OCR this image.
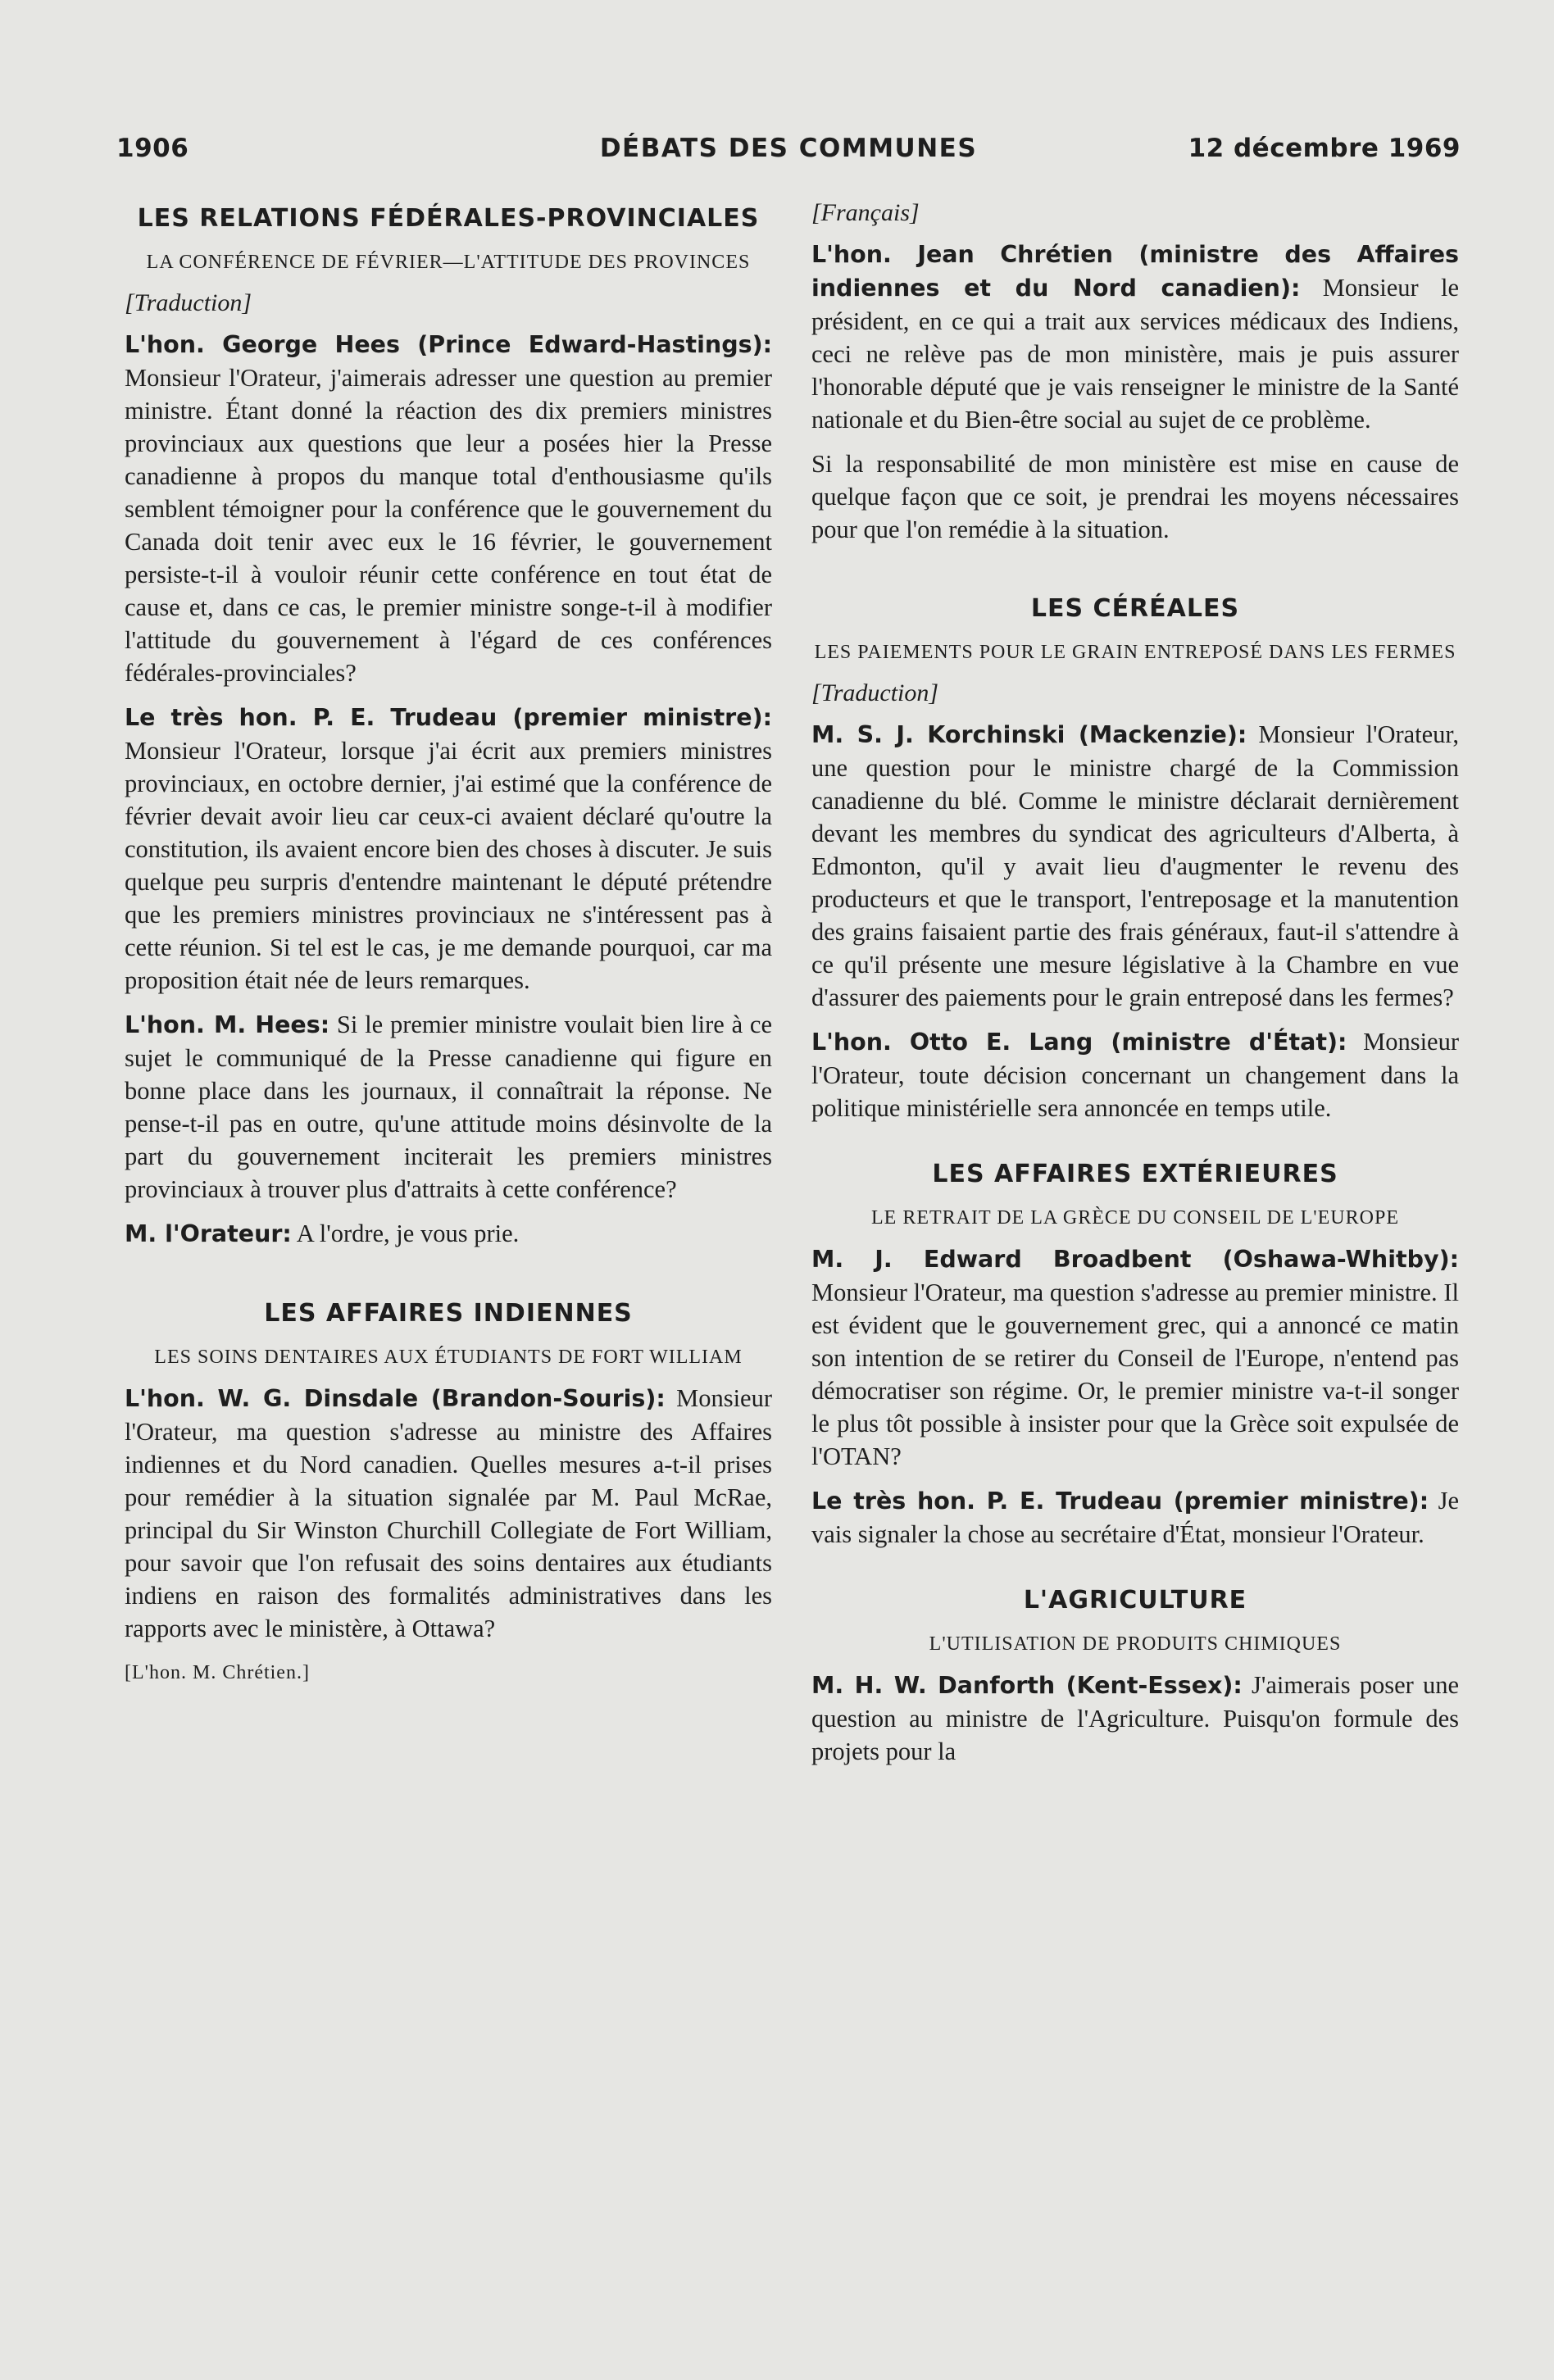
1906	DÉBATS DES COMMUNES	12 décembre 1969
LES RELATIONS FÉDÉRALES-PROVINCIALES
LA CONFÉRENCE DE FÉVRIER—L'ATTITUDE DES PROVINCES
[Traduction]

L'hon. George Hees (Prince Edward-Hastings): Monsieur l'Orateur, j'aimerais adresser une question au premier ministre. Étant donné la réaction des dix premiers ministres provinciaux aux questions que leur a posées hier la Presse canadienne à propos du manque total d'enthousiasme qu'ils semblent témoigner pour la conférence que le gouvernement du Canada doit tenir avec eux le 16 février, le gouvernement persiste-t-il à vouloir réunir cette conférence en tout état de cause et, dans ce cas, le premier ministre songe-t-il à modifier l'attitude du gouvernement à l'égard de ces conférences fédérales-provinciales?

Le très hon. P. E. Trudeau (premier ministre): Monsieur l'Orateur, lorsque j'ai écrit aux premiers ministres provinciaux, en octobre dernier, j'ai estimé que la conférence de février devait avoir lieu car ceux-ci avaient déclaré qu'outre la constitution, ils avaient encore bien des choses à discuter. Je suis quelque peu surpris d'entendre maintenant le député prétendre que les premiers ministres provinciaux ne s'intéressent pas à cette réunion. Si tel est le cas, je me demande pourquoi, car ma proposition était née de leurs remarques.

L'hon. M. Hees: Si le premier ministre voulait bien lire à ce sujet le communiqué de la Presse canadienne qui figure en bonne place dans les journaux, il connaîtrait la réponse. Ne pense-t-il pas en outre, qu'une attitude moins désinvolte de la part du gouvernement inciterait les premiers ministres provinciaux à trouver plus d'attraits à cette conférence?

M. l'Orateur: A l'ordre, je vous prie.

LES AFFAIRES INDIENNES
LES SOINS DENTAIRES AUX ÉTUDIANTS DE FORT WILLIAM

L'hon. W. G. Dinsdale (Brandon-Souris): Monsieur l'Orateur, ma question s'adresse au ministre des Affaires indiennes et du Nord canadien. Quelles mesures a-t-il prises pour remédier à la situation signalée par M. Paul McRae, principal du Sir Winston Churchill Collegiate de Fort William, pour savoir que l'on refusait des soins dentaires aux étudiants indiens en raison des formalités administratives dans les rapports avec le ministère, à Ottawa?

[L'hon. M. Chrétien.]
[Français]

L'hon. Jean Chrétien (ministre des Affaires indiennes et du Nord canadien): Monsieur le président, en ce qui a trait aux services médicaux des Indiens, ceci ne relève pas de mon ministère, mais je puis assurer l'honorable député que je vais renseigner le ministre de la Santé nationale et du Bien-être social au sujet de ce problème.

Si la responsabilité de mon ministère est mise en cause de quelque façon que ce soit, je prendrai les moyens nécessaires pour que l'on remédie à la situation.

LES CÉRÉALES
LES PAIEMENTS POUR LE GRAIN ENTREPOSÉ DANS LES FERMES
[Traduction]

M. S. J. Korchinski (Mackenzie): Monsieur l'Orateur, une question pour le ministre chargé de la Commission canadienne du blé. Comme le ministre déclarait dernièrement devant les membres du syndicat des agriculteurs d'Alberta, à Edmonton, qu'il y avait lieu d'augmenter le revenu des producteurs et que le transport, l'entreposage et la manutention des grains faisaient partie des frais généraux, faut-il s'attendre à ce qu'il présente une mesure législative à la Chambre en vue d'assurer des paiements pour le grain entreposé dans les fermes?

L'hon. Otto E. Lang (ministre d'État): Monsieur l'Orateur, toute décision concernant un changement dans la politique ministérielle sera annoncée en temps utile.

LES AFFAIRES EXTÉRIEURES
LE RETRAIT DE LA GRÈCE DU CONSEIL DE L'EUROPE

M. J. Edward Broadbent (Oshawa-Whitby): Monsieur l'Orateur, ma question s'adresse au premier ministre. Il est évident que le gouvernement grec, qui a annoncé ce matin son intention de se retirer du Conseil de l'Europe, n'entend pas démocratiser son régime. Or, le premier ministre va-t-il songer le plus tôt possible à insister pour que la Grèce soit expulsée de l'OTAN?

Le très hon. P. E. Trudeau (premier ministre): Je vais signaler la chose au secrétaire d'État, monsieur l'Orateur.

L'AGRICULTURE
L'UTILISATION DE PRODUITS CHIMIQUES

M. H. W. Danforth (Kent-Essex): J'aimerais poser une question au ministre de l'Agriculture. Puisqu'on formule des projets pour la
